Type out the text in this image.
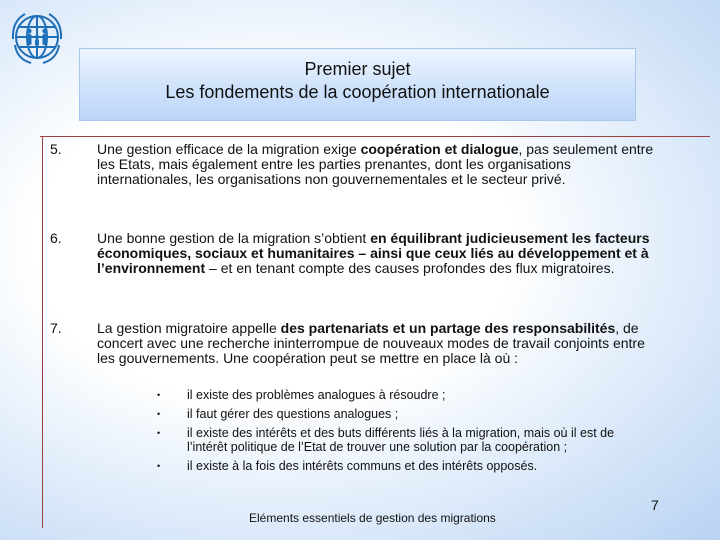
Premier sujet
Les fondements de la coopération internationale
5.	Une gestion efficace de la migration exige coopération et dialogue, pas seulement entre les Etats, mais également entre les parties prenantes, dont les organisations internationales, les organisations non gouvernementales et le secteur privé.
6.	Une bonne gestion de la migration s’obtient en équilibrant judicieusement les facteurs économiques, sociaux et humanitaires – ainsi que ceux liés au développement et à l’environnement – et en tenant compte des causes profondes des flux migratoires.
7.	La gestion migratoire appelle des partenariats et un partage des responsabilités, de concert avec une recherche ininterrompue de nouveaux modes de travail conjoints entre les gouvernements. Une coopération peut se mettre en place là où :
• il existe des problèmes analogues à résoudre ;
• il faut gérer des questions analogues ;
• il existe des intérêts et des buts différents liés à la migration, mais où il est de l’intérêt politique de l’Etat de trouver une solution par la coopération ;
• il existe à la fois des intérêts communs et des intérêts opposés.
7
Eléments essentiels de gestion des migrations
